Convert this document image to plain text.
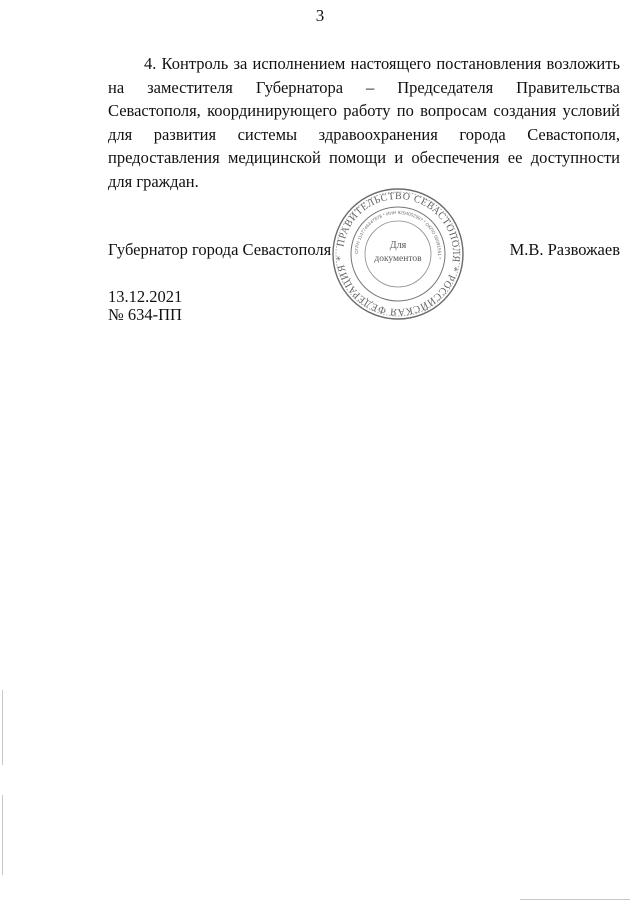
3

4. Контроль за исполнением настоящего постановления возложить на заместителя Губернатора – Председателя Правительства Севастополя, координирующего работу по вопросам создания условий для развития системы здравоохранения города Севастополя, предоставления медицинской помощи и обеспечения ее доступности для граждан.

Губернатор города Севастополя	М.В. Развожаев
13.12.2021
№ 634-ПП
ПРАВИТЕЛЬСТВО СЕВАСТОПОЛЯ * РОССИЙСКАЯ ФЕДЕРАЦИЯ *
ОГРН 1147746447878 * ИНН 9204002997 * ОКПО 00091551 *
Для
документов
